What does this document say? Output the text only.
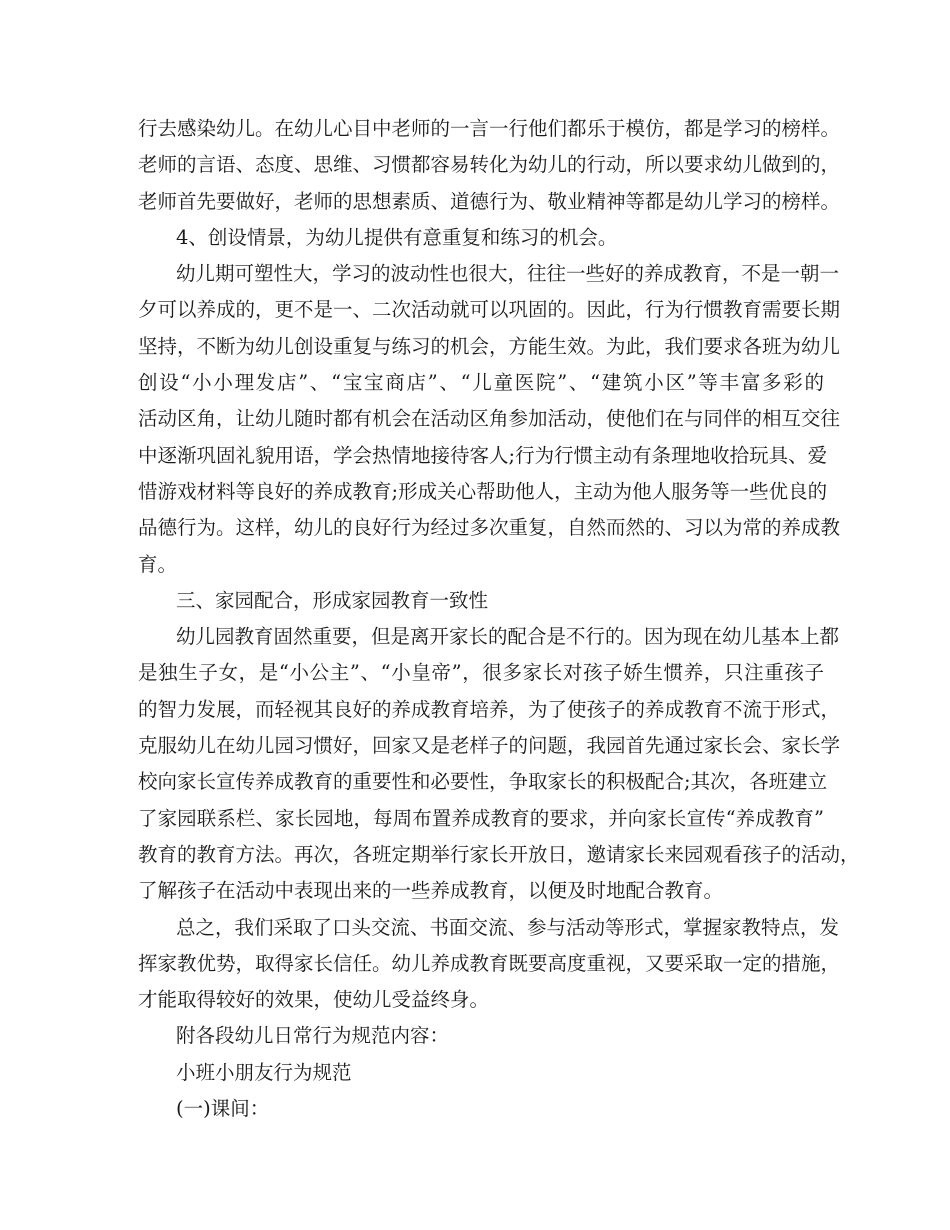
行去感染幼儿。在幼儿心目中老师的一言一行他们都乐于模仿，都是学习的榜样。
老师的言语、态度、思维、习惯都容易转化为幼儿的行动，所以要求幼儿做到的，
老师首先要做好，老师的思想素质、道德行为、敬业精神等都是幼儿学习的榜样。
4、创设情景，为幼儿提供有意重复和练习的机会。
幼儿期可塑性大，学习的波动性也很大，往往一些好的养成教育，不是一朝一
夕可以养成的，更不是一、二次活动就可以巩固的。因此，行为行惯教育需要长期
坚持，不断为幼儿创设重复与练习的机会，方能生效。为此，我们要求各班为幼儿
创设“小小理发店”、“宝宝商店”、“儿童医院”、“建筑小区”等丰富多彩的
活动区角，让幼儿随时都有机会在活动区角参加活动，使他们在与同伴的相互交往
中逐渐巩固礼貌用语，学会热情地接待客人;行为行惯主动有条理地收拾玩具、爱
惜游戏材料等良好的养成教育;形成关心帮助他人，主动为他人服务等一些优良的
品德行为。这样，幼儿的良好行为经过多次重复，自然而然的、习以为常的养成教
育。
三、家园配合，形成家园教育一致性
幼儿园教育固然重要，但是离开家长的配合是不行的。因为现在幼儿基本上都
是独生子女，是“小公主”、“小皇帝”，很多家长对孩子娇生惯养，只注重孩子
的智力发展，而轻视其良好的养成教育培养，为了使孩子的养成教育不流于形式，
克服幼儿在幼儿园习惯好，回家又是老样子的问题，我园首先通过家长会、家长学
校向家长宣传养成教育的重要性和必要性，争取家长的积极配合;其次，各班建立
了家园联系栏、家长园地，每周布置养成教育的要求，并向家长宣传“养成教育”
教育的教育方法。再次，各班定期举行家长开放日，邀请家长来园观看孩子的活动，
了解孩子在活动中表现出来的一些养成教育，以便及时地配合教育。
总之，我们采取了口头交流、书面交流、参与活动等形式，掌握家教特点，发
挥家教优势，取得家长信任。幼儿养成教育既要高度重视，又要采取一定的措施，
才能取得较好的效果，使幼儿受益终身。
附各段幼儿日常行为规范内容：
小班小朋友行为规范
(一)课间：
